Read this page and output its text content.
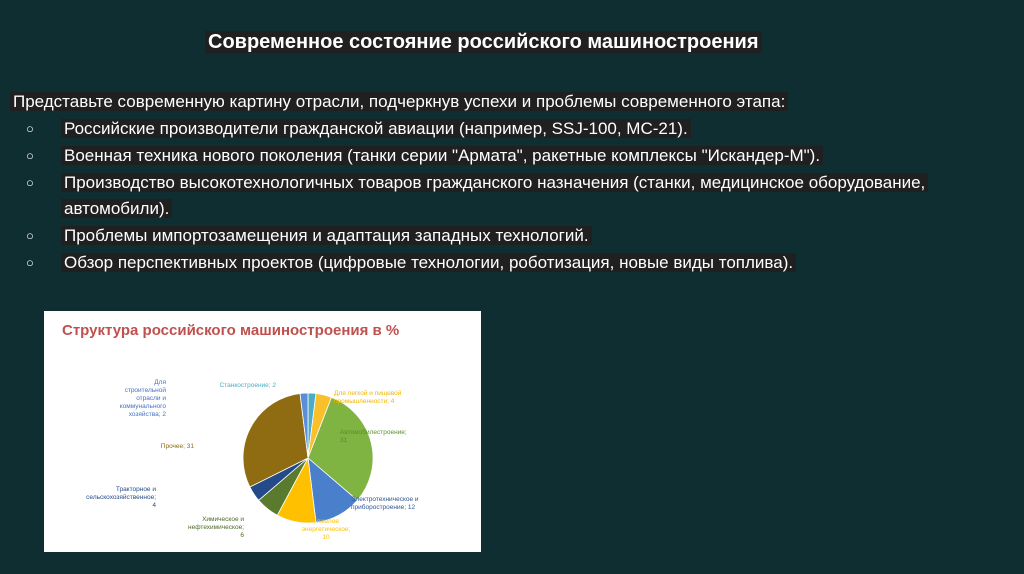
Современное состояние российского машиностроения

Представьте современную картину отрасли, подчеркнув успехи и проблемы современного этапа:

○ Российские производители гражданской авиации (например, SSJ-100, MC-21).
○ Военная техника нового поколения (танки серии "Армата", ракетные комплексы "Искандер-М").
○ Производство высокотехнологичных товаров гражданского назначения (станки, медицинское оборудование, автомобили).
○ Проблемы импортозамещения и адаптация западных технологий.
○ Обзор перспективных проектов (цифровые технологии, роботизация, новые виды топлива).
Структура российского машиностроения в %
Станкостроение; 2
Для легкой и пищевой промышленности; 4
Автомобилестроение; 31
Электротехническое и приборостроение; 12
Тяжелое энергетическое; 10
Химическое и нефтехимическое; 6
Тракторное и сельскохозяйственное; 4
Прочее; 31
Для строительной отрасли и коммунального хозяйства; 2
